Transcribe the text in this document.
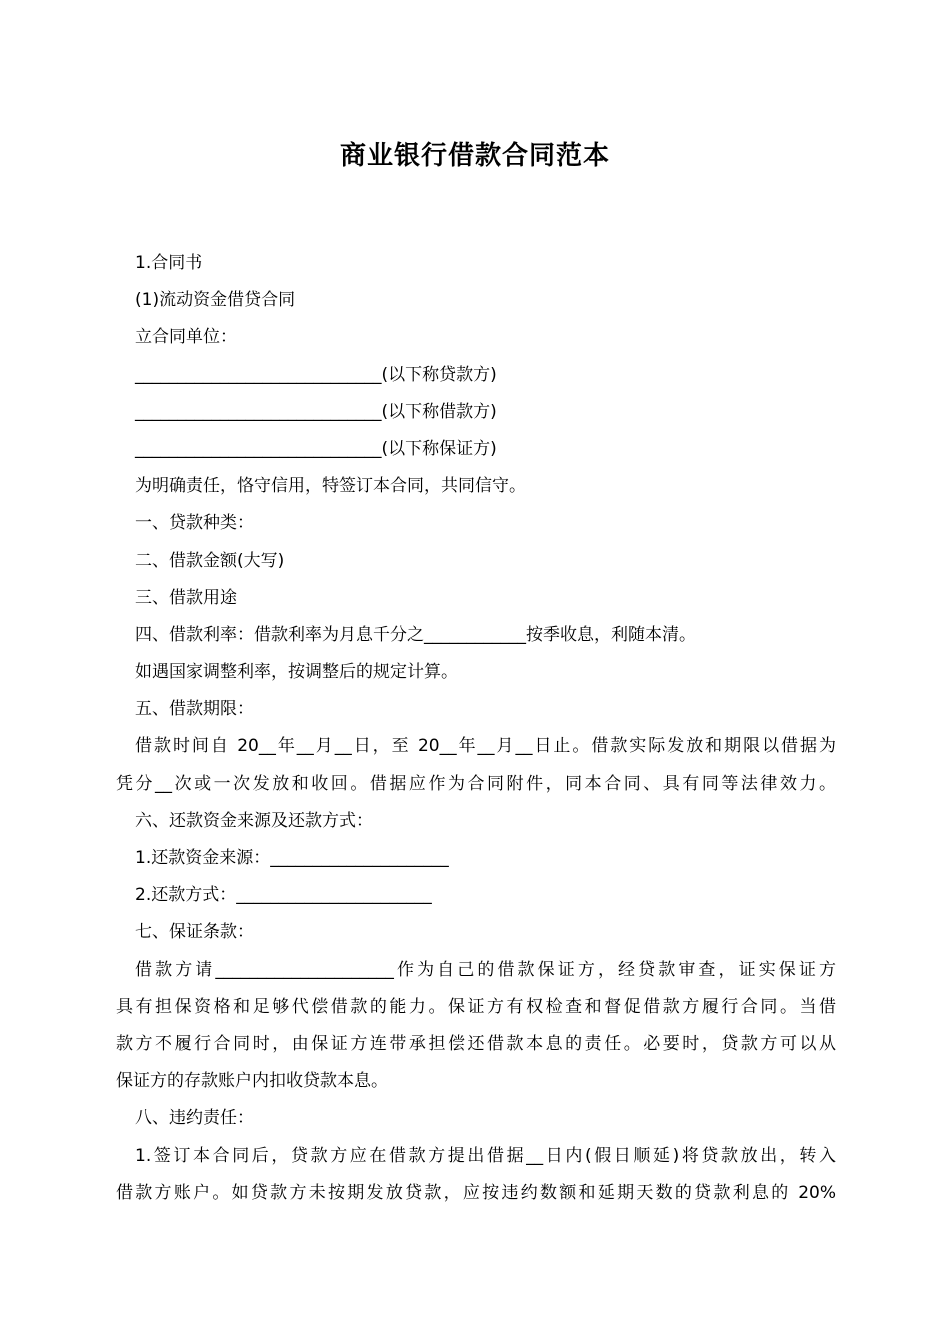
商业银行借款合同范本
1.合同书
(1)流动资金借贷合同
立合同单位：
_____________________________(以下称贷款方)
_____________________________(以下称借款方)
_____________________________(以下称保证方)
为明确责任，恪守信用，特签订本合同，共同信守。
一、贷款种类：
二、借款金额(大写)
三、借款用途
四、借款利率：借款利率为月息千分之____________按季收息，利随本清。
如遇国家调整利率，按调整后的规定计算。
五、借款期限：
借款时间自 20__年__月__日，至 20__年__月__日止。借款实际发放和期限以借据为
凭分__次或一次发放和收回。借据应作为合同附件，同本合同、具有同等法律效力。
六、还款资金来源及还款方式：
1.还款资金来源：_____________________
2.还款方式：_______________________
七、保证条款：
借款方请_____________________作为自己的借款保证方，经贷款审查，证实保证方
具有担保资格和足够代偿借款的能力。保证方有权检查和督促借款方履行合同。当借
款方不履行合同时，由保证方连带承担偿还借款本息的责任。必要时，贷款方可以从
保证方的存款账户内扣收贷款本息。
八、违约责任：
1.签订本合同后，贷款方应在借款方提出借据__日内(假日顺延)将贷款放出，转入
借款方账户。如贷款方未按期发放贷款，应按违约数额和延期天数的贷款利息的 20%
